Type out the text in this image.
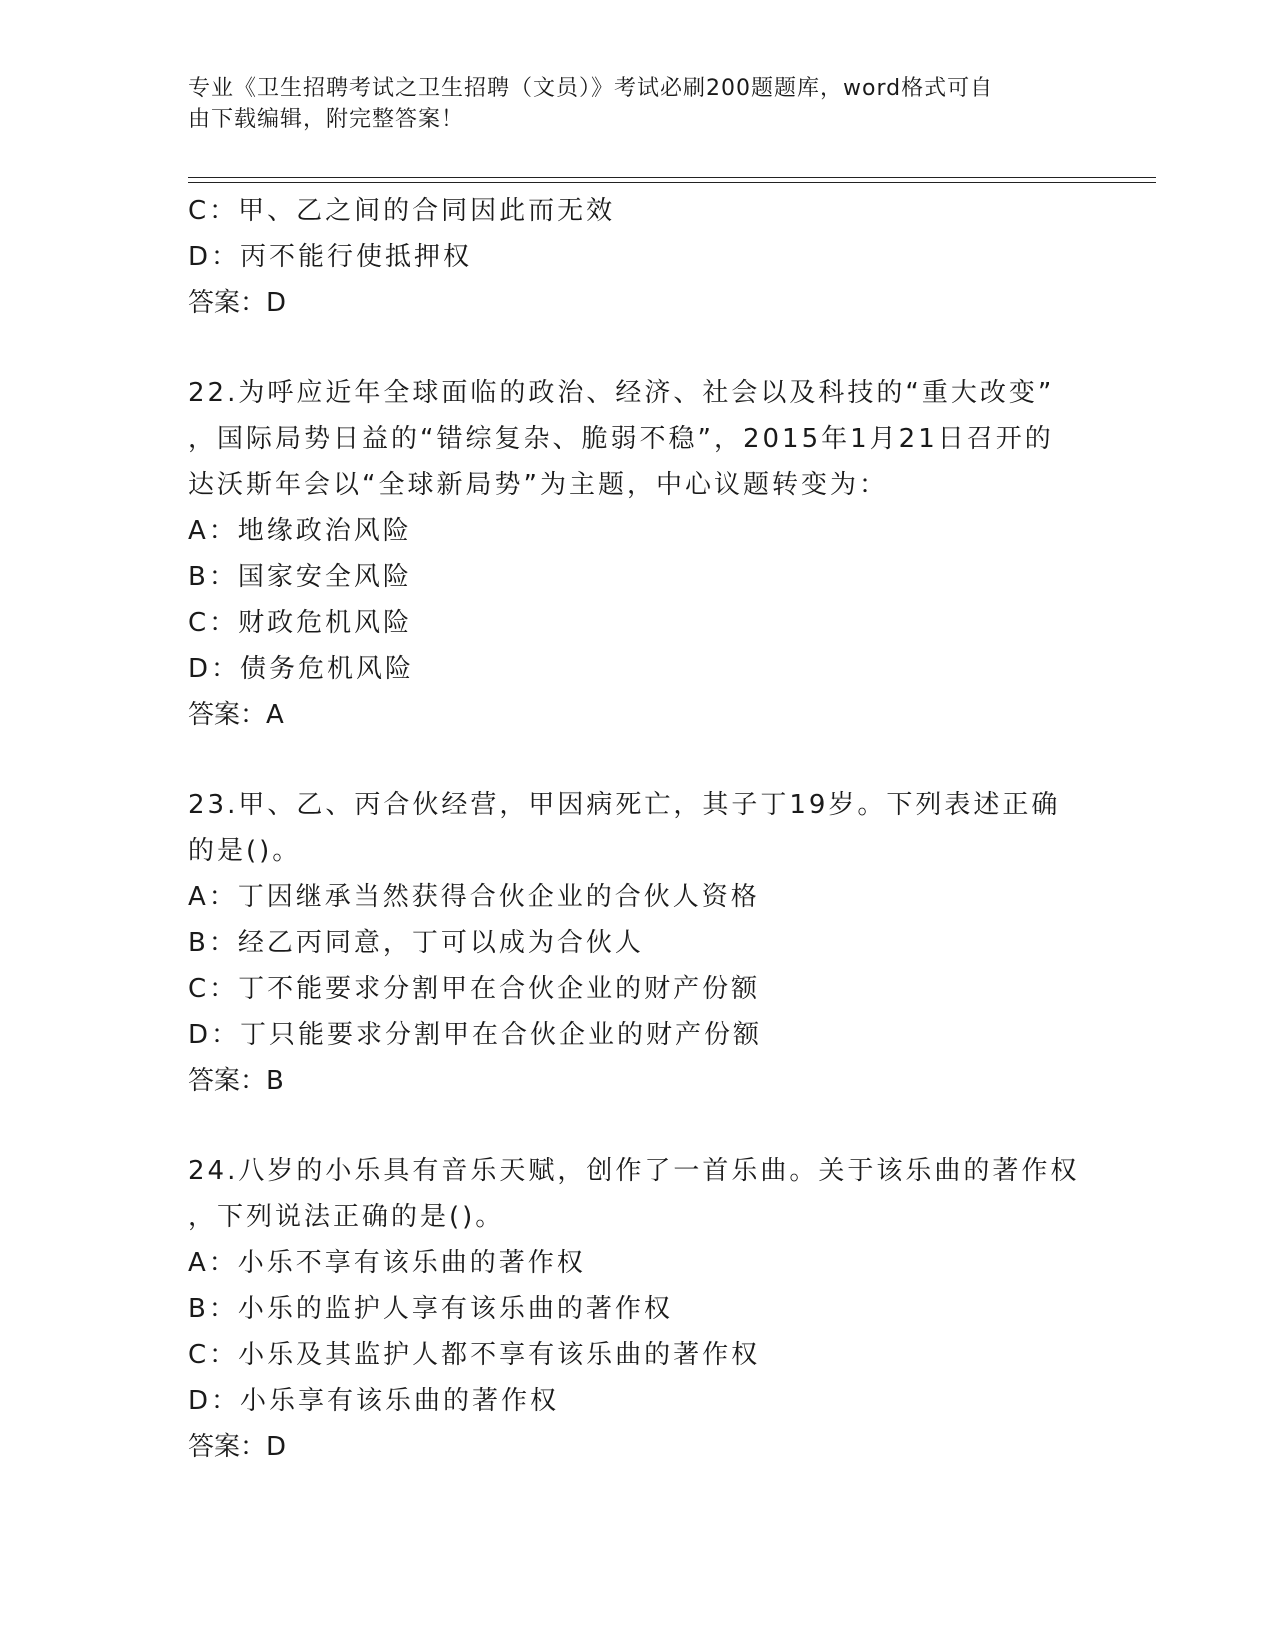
专业《卫生招聘考试之卫生招聘（文员）》考试必刷200题题库，word格式可自
由下载编辑，附完整答案！
C：甲、乙之间的合同因此而无效
D：丙不能行使抵押权
答案：D
22.为呼应近年全球面临的政治、经济、社会以及科技的“重大改变”
，国际局势日益的“错综复杂、脆弱不稳”，2015年1月21日召开的
达沃斯年会以“全球新局势”为主题，中心议题转变为：
A：地缘政治风险
B：国家安全风险
C：财政危机风险
D：债务危机风险
答案：A
23.甲、乙、丙合伙经营，甲因病死亡，其子丁19岁。下列表述正确
的是()。
A：丁因继承当然获得合伙企业的合伙人资格
B：经乙丙同意，丁可以成为合伙人
C：丁不能要求分割甲在合伙企业的财产份额
D：丁只能要求分割甲在合伙企业的财产份额
答案：B
24.八岁的小乐具有音乐天赋，创作了一首乐曲。关于该乐曲的著作权
，下列说法正确的是()。
A：小乐不享有该乐曲的著作权
B：小乐的监护人享有该乐曲的著作权
C：小乐及其监护人都不享有该乐曲的著作权
D：小乐享有该乐曲的著作权
答案：D
